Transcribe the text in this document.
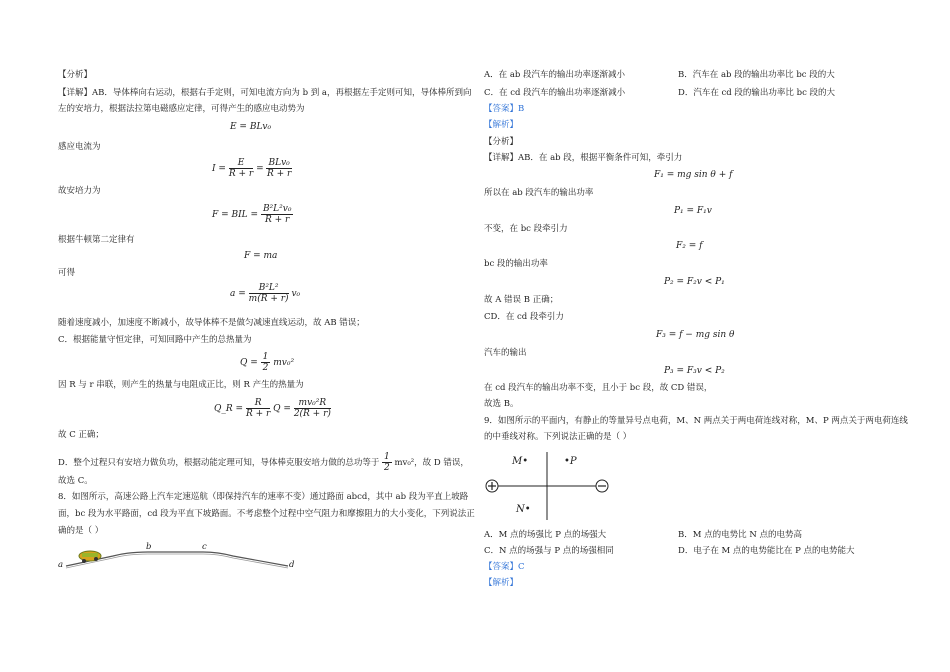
【分析】
【详解】AB．导体棒向右运动，根据右手定则，可知电流方向为 b 到 a，再根据左手定则可知，导体棒所到向
左的安培力，根据法拉第电磁感应定律，可得产生的感应电动势为
E = BLv₀
感应电流为
$I = \frac{E}{R + r} = \frac{\text{BLv₀}}{R + r}$
故安培力为
F = BIL = $\frac{\text{B²L²v₀}}{R + r}$
根据牛顿第二定律有
F = ma
可得
$a = \frac{\text{B²L²}}{m(R + r)} v_0$
随着速度减小，加速度不断减小，故导体棒不是做匀减速直线运动，故 AB 错误；
C．根据能量守恒定律，可知回路中产生的总热量为
$Q = \frac{1}{2} mv_0^2$
因 R 与 r 串联，则产生的热量与电阻成正比，则 R 产生的热量为
Q_R = $\frac{R}{R + r}$ $Q = \frac{\text{mv₀²R}}{2(R + r)}$
故 C 正确；
D．整个过程只有安培力做负功，根据动能定理可知，导体棒克服安培力做的总功等于 $\frac{1}{2} mv_0^2$，故 D 错误，
故选 C。
8．如图所示，高速公路上汽车定速巡航（即保持汽车的速率不变）通过路面 abcd，其中 ab 段为平直上坡路
面，bc 段为水平路面，cd 段为平直下坡路面。不考虑整个过程中空气阻力和摩擦阻力的大小变化，下列说法正
确的是（ ）
a
b	c
d
A．在 ab 段汽车的输出功率逐渐减小	B．汽车在 ab 段的输出功率比 bc 段的大
C．在 cd 段汽车的输出功率逐渐减小	D．汽车在 cd 段的输出功率比 bc 段的大
【答案】B
【解析】
【分析】
【详解】AB．在 ab 段，根据平衡条件可知，牵引力
F₁ = mg sin θ + f
所以在 ab 段汽车的输出功率
P₁ = F₁v
不变，在 bc 段牵引力
F₂ = f
bc 段的输出功率
P₂ = F₂v < P₁
故 A 错误 B 正确；
CD．在 cd 段牵引力
F₃ = f − mg sin θ
汽车的输出
P₃ = F₃v < P₂
在 cd 段汽车的输出功率不变，且小于 bc 段，故 CD 错误，
故选 B。
9．如图所示的平面内，有静止的等量异号点电荷，M、N 两点关于两电荷连线对称，M、P 两点关于两电荷连线
的中垂线对称。下列说法正确的是（ ）
M•	•P
N•
A．M 点的场强比 P 点的场强大	B．M 点的电势比 N 点的电势高
C．N 点的场强与 P 点的场强相同	D．电子在 M 点的电势能比在 P 点的电势能大
【答案】C
【解析】
